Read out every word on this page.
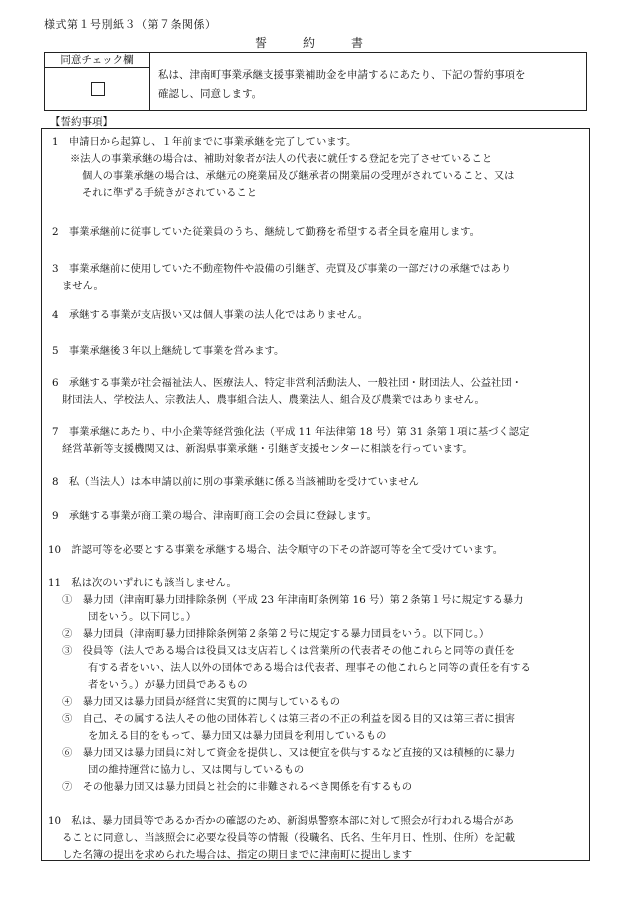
様式第１号別紙３（第７条関係）
誓　約　書
同意チェック欄
私は、津南町事業承継支援事業補助金を申請するにあたり、下記の誓約事項を
確認し、同意します。
【誓約事項】
1　申請日から起算し、１年前までに事業承継を完了しています。
※法人の事業承継の場合は、補助対象者が法人の代表に就任する登記を完了させていること
個人の事業承継の場合は、承継元の廃業届及び継承者の開業届の受理がされていること、又は
それに準ずる手続きがされていること
2　事業承継前に従事していた従業員のうち、継続して勤務を希望する者全員を雇用します。
3　事業承継前に使用していた不動産物件や設備の引継ぎ、売買及び事業の一部だけの承継ではあり
ません。
4　承継する事業が支店扱い又は個人事業の法人化ではありません。
5　事業承継後３年以上継続して事業を営みます。
6　承継する事業が社会福祉法人、医療法人、特定非営利活動法人、一般社団・財団法人、公益社団・
財団法人、学校法人、宗教法人、農事組合法人、農業法人、組合及び農業ではありません。
7　事業承継にあたり、中小企業等経営強化法（平成 11 年法律第 18 号）第 31 条第１項に基づく認定
経営革新等支援機関又は、新潟県事業承継・引継ぎ支援センターに相談を行っています。
8　私（当法人）は本申請以前に別の事業承継に係る当該補助を受けていません
9　承継する事業が商工業の場合、津南町商工会の会員に登録します。
10　許認可等を必要とする事業を承継する場合、法令順守の下その許認可等を全て受けています。
11　私は次のいずれにも該当しません。
①　暴力団（津南町暴力団排除条例（平成 23 年津南町条例第 16 号）第２条第１号に規定する暴力
団をいう。以下同じ。）
②　暴力団員（津南町暴力団排除条例第２条第２号に規定する暴力団員をいう。以下同じ。）
③　役員等（法人である場合は役員又は支店若しくは営業所の代表者その他これらと同等の責任を
有する者をいい、法人以外の団体である場合は代表者、理事その他これらと同等の責任を有する
者をいう。）が暴力団員であるもの
④　暴力団又は暴力団員が経営に実質的に関与しているもの
⑤　自己、その属する法人その他の団体若しくは第三者の不正の利益を図る目的又は第三者に損害
を加える目的をもって、暴力団又は暴力団員を利用しているもの
⑥　暴力団又は暴力団員に対して資金を提供し、又は便宜を供与するなど直接的又は積極的に暴力
団の維持運営に協力し、又は関与しているもの
⑦　その他暴力団又は暴力団員と社会的に非難されるべき関係を有するもの
10　私は、暴力団員等であるか否かの確認のため、新潟県警察本部に対して照会が行われる場合があ
ることに同意し、当該照会に必要な役員等の情報（役職名、氏名、生年月日、性別、住所）を記載
した名簿の提出を求められた場合は、指定の期日までに津南町に提出します
